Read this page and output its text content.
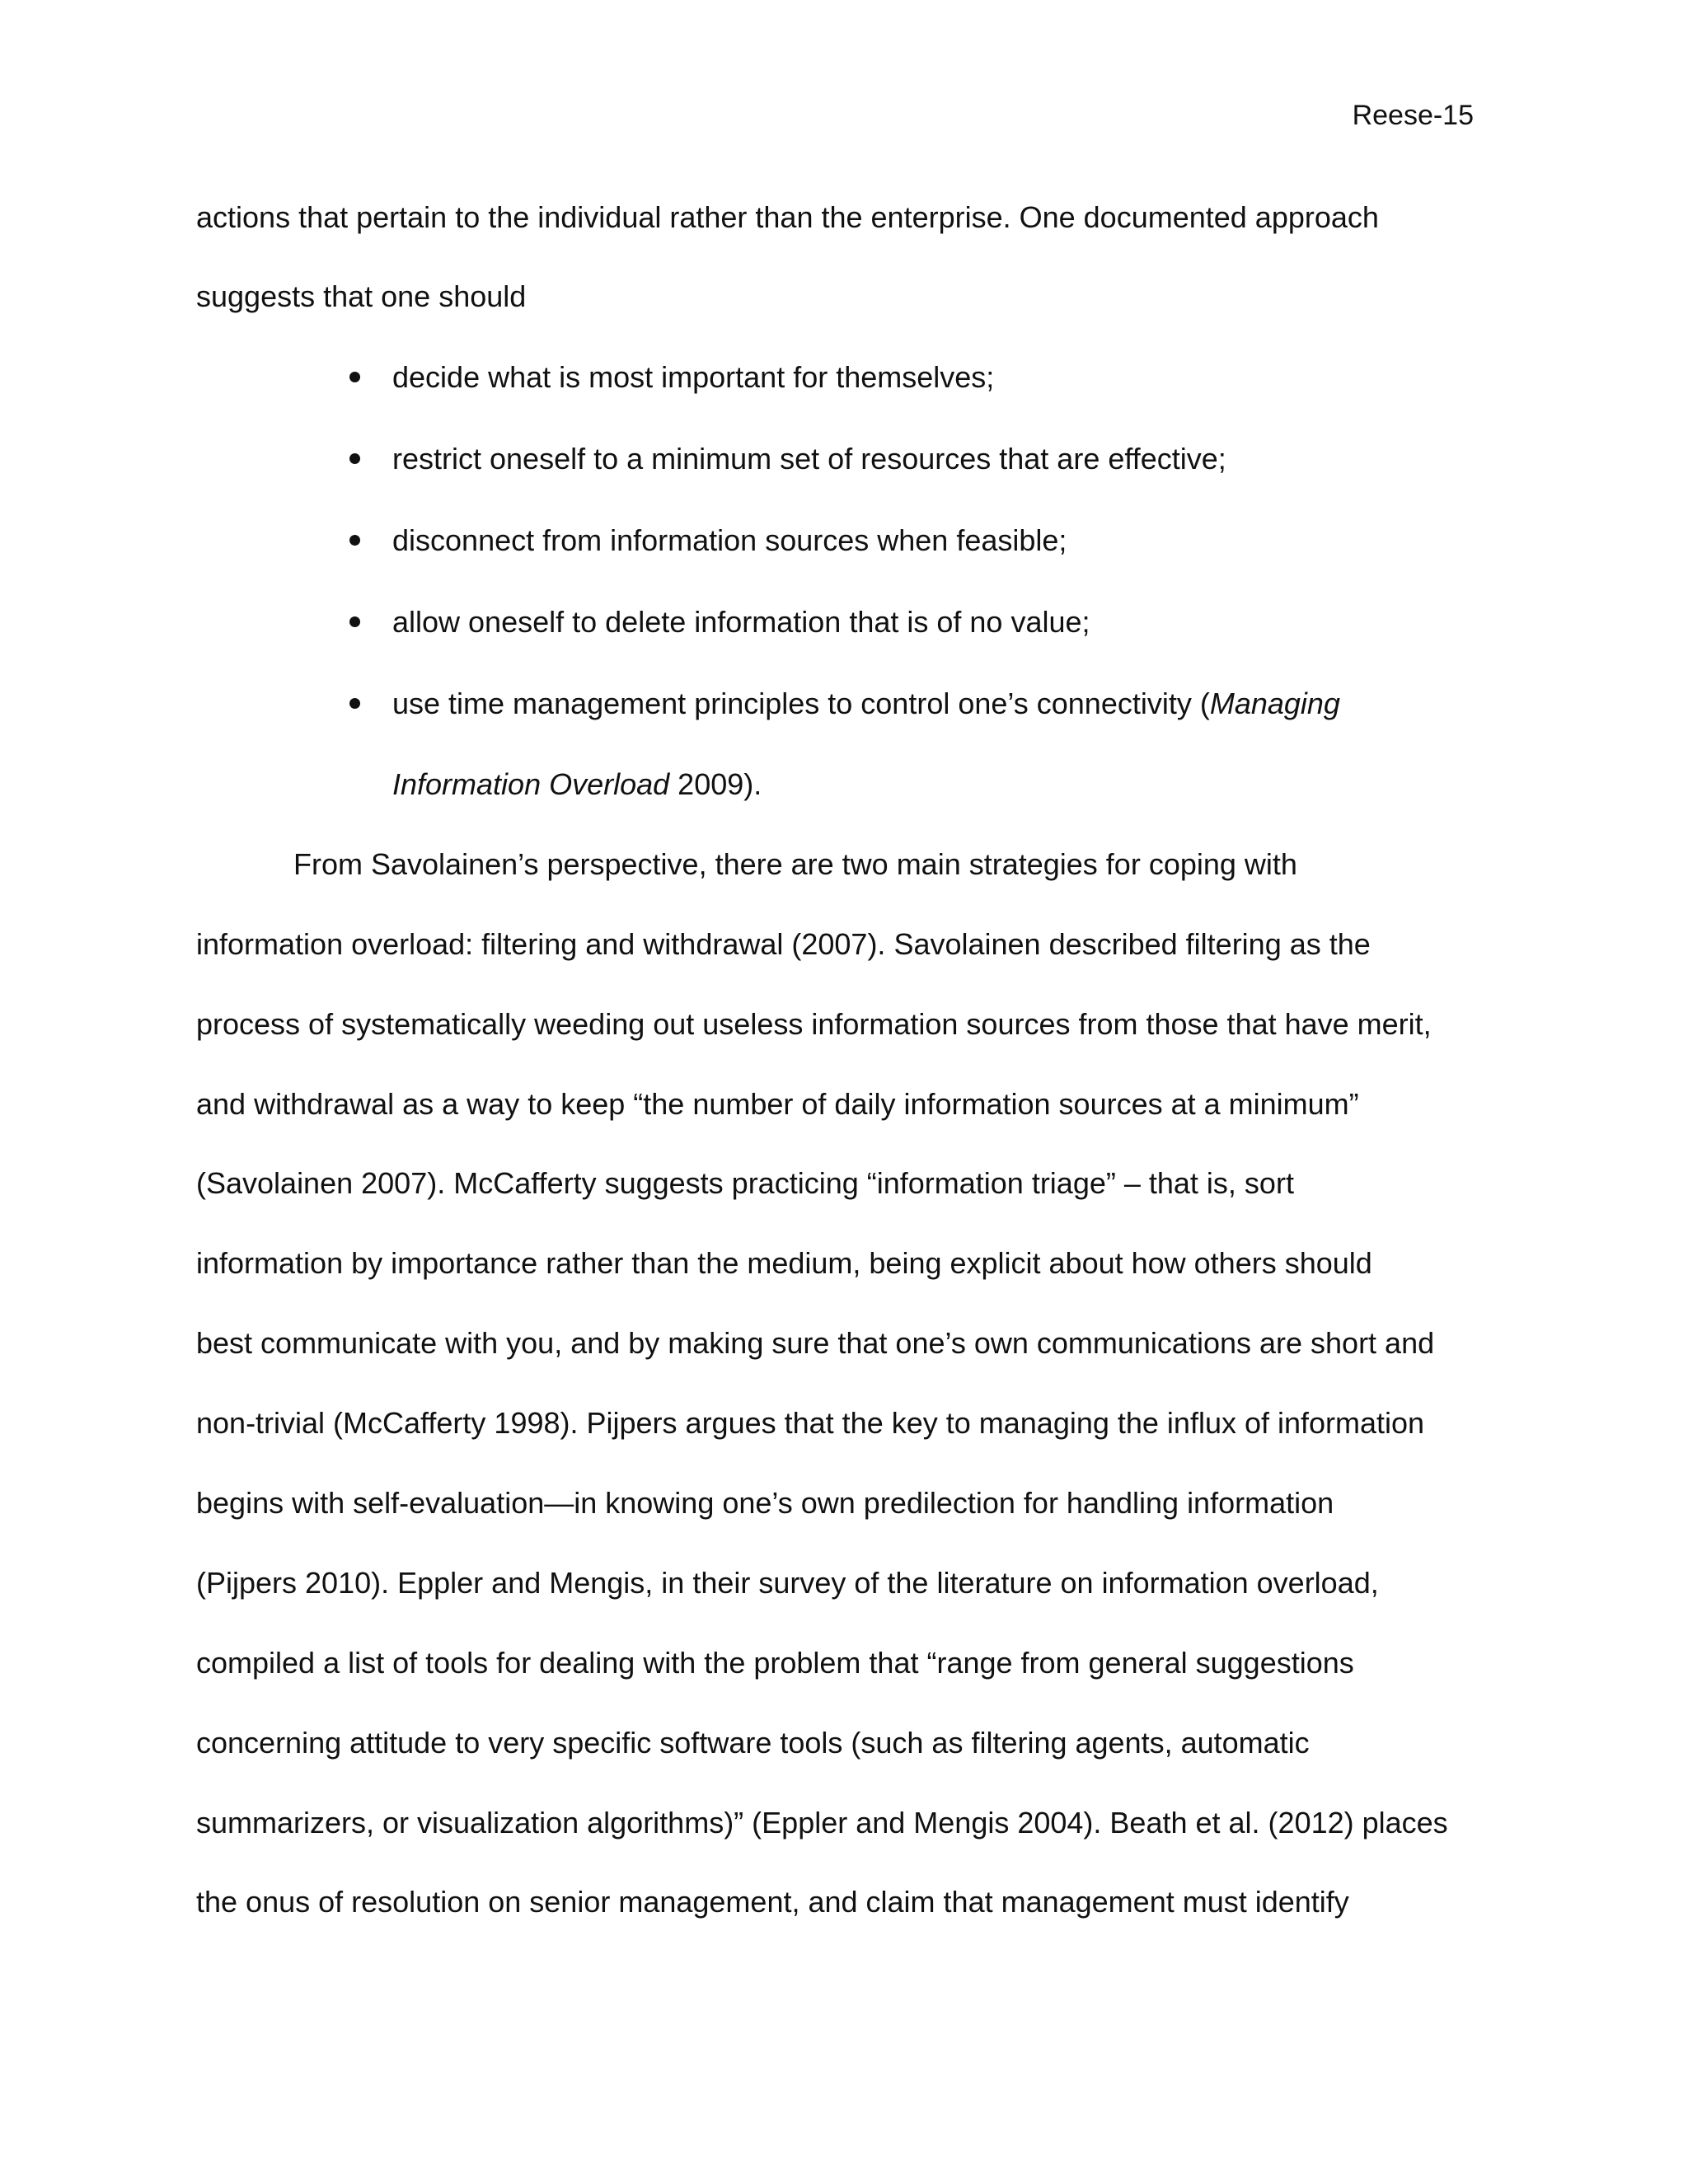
Reese-15
actions that pertain to the individual rather than the enterprise. One documented approach
suggests that one should
decide what is most important for themselves;
restrict oneself to a minimum set of resources that are effective;
disconnect from information sources when feasible;
allow oneself to delete information that is of no value;
use time management principles to control one’s connectivity (Managing
Information Overload 2009).
From Savolainen’s perspective, there are two main strategies for coping with
information overload: filtering and withdrawal (2007). Savolainen described filtering as the
process of systematically weeding out useless information sources from those that have merit,
and withdrawal as a way to keep “the number of daily information sources at a minimum”
(Savolainen 2007). McCafferty suggests practicing “information triage” – that is, sort
information by importance rather than the medium, being explicit about how others should
best communicate with you, and by making sure that one’s own communications are short and
non-trivial (McCafferty 1998). Pijpers argues that the key to managing the influx of information
begins with self-evaluation—in knowing one’s own predilection for handling information
(Pijpers 2010). Eppler and Mengis, in their survey of the literature on information overload,
compiled a list of tools for dealing with the problem that “range from general suggestions
concerning attitude to very specific software tools (such as filtering agents, automatic
summarizers, or visualization algorithms)” (Eppler and Mengis 2004). Beath et al. (2012) places
the onus of resolution on senior management, and claim that management must identify
